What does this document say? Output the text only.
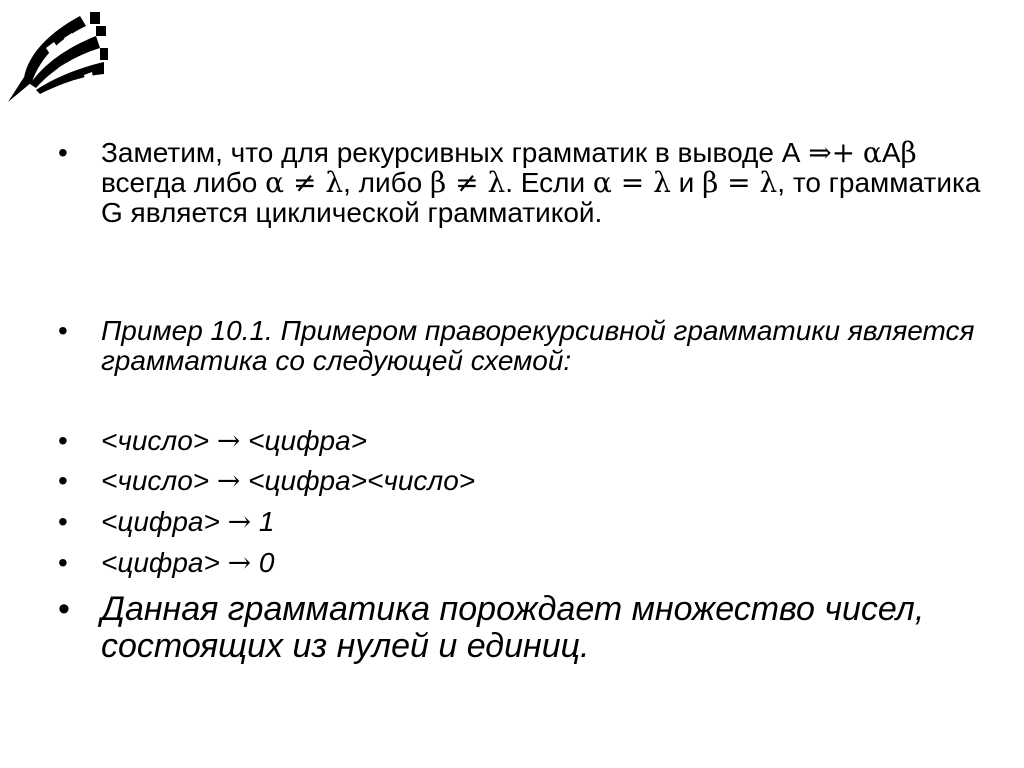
• Заметим, что для рекурсивных грамматик в выводе А ⇒+ αАβ всегда либо α ≠ λ, либо β ≠ λ. Если α = λ и β = λ, то грамматика G является циклической грамматикой.

• Пример 10.1. Примером праворекурсивной грамматики является грамматика со следующей схемой:

• <число> → <цифра>

• <число> → <цифра><число>

• <цифра> → 1

• <цифра> → 0

• Данная грамматика порождает множество чисел, состоящих из нулей и единиц.
